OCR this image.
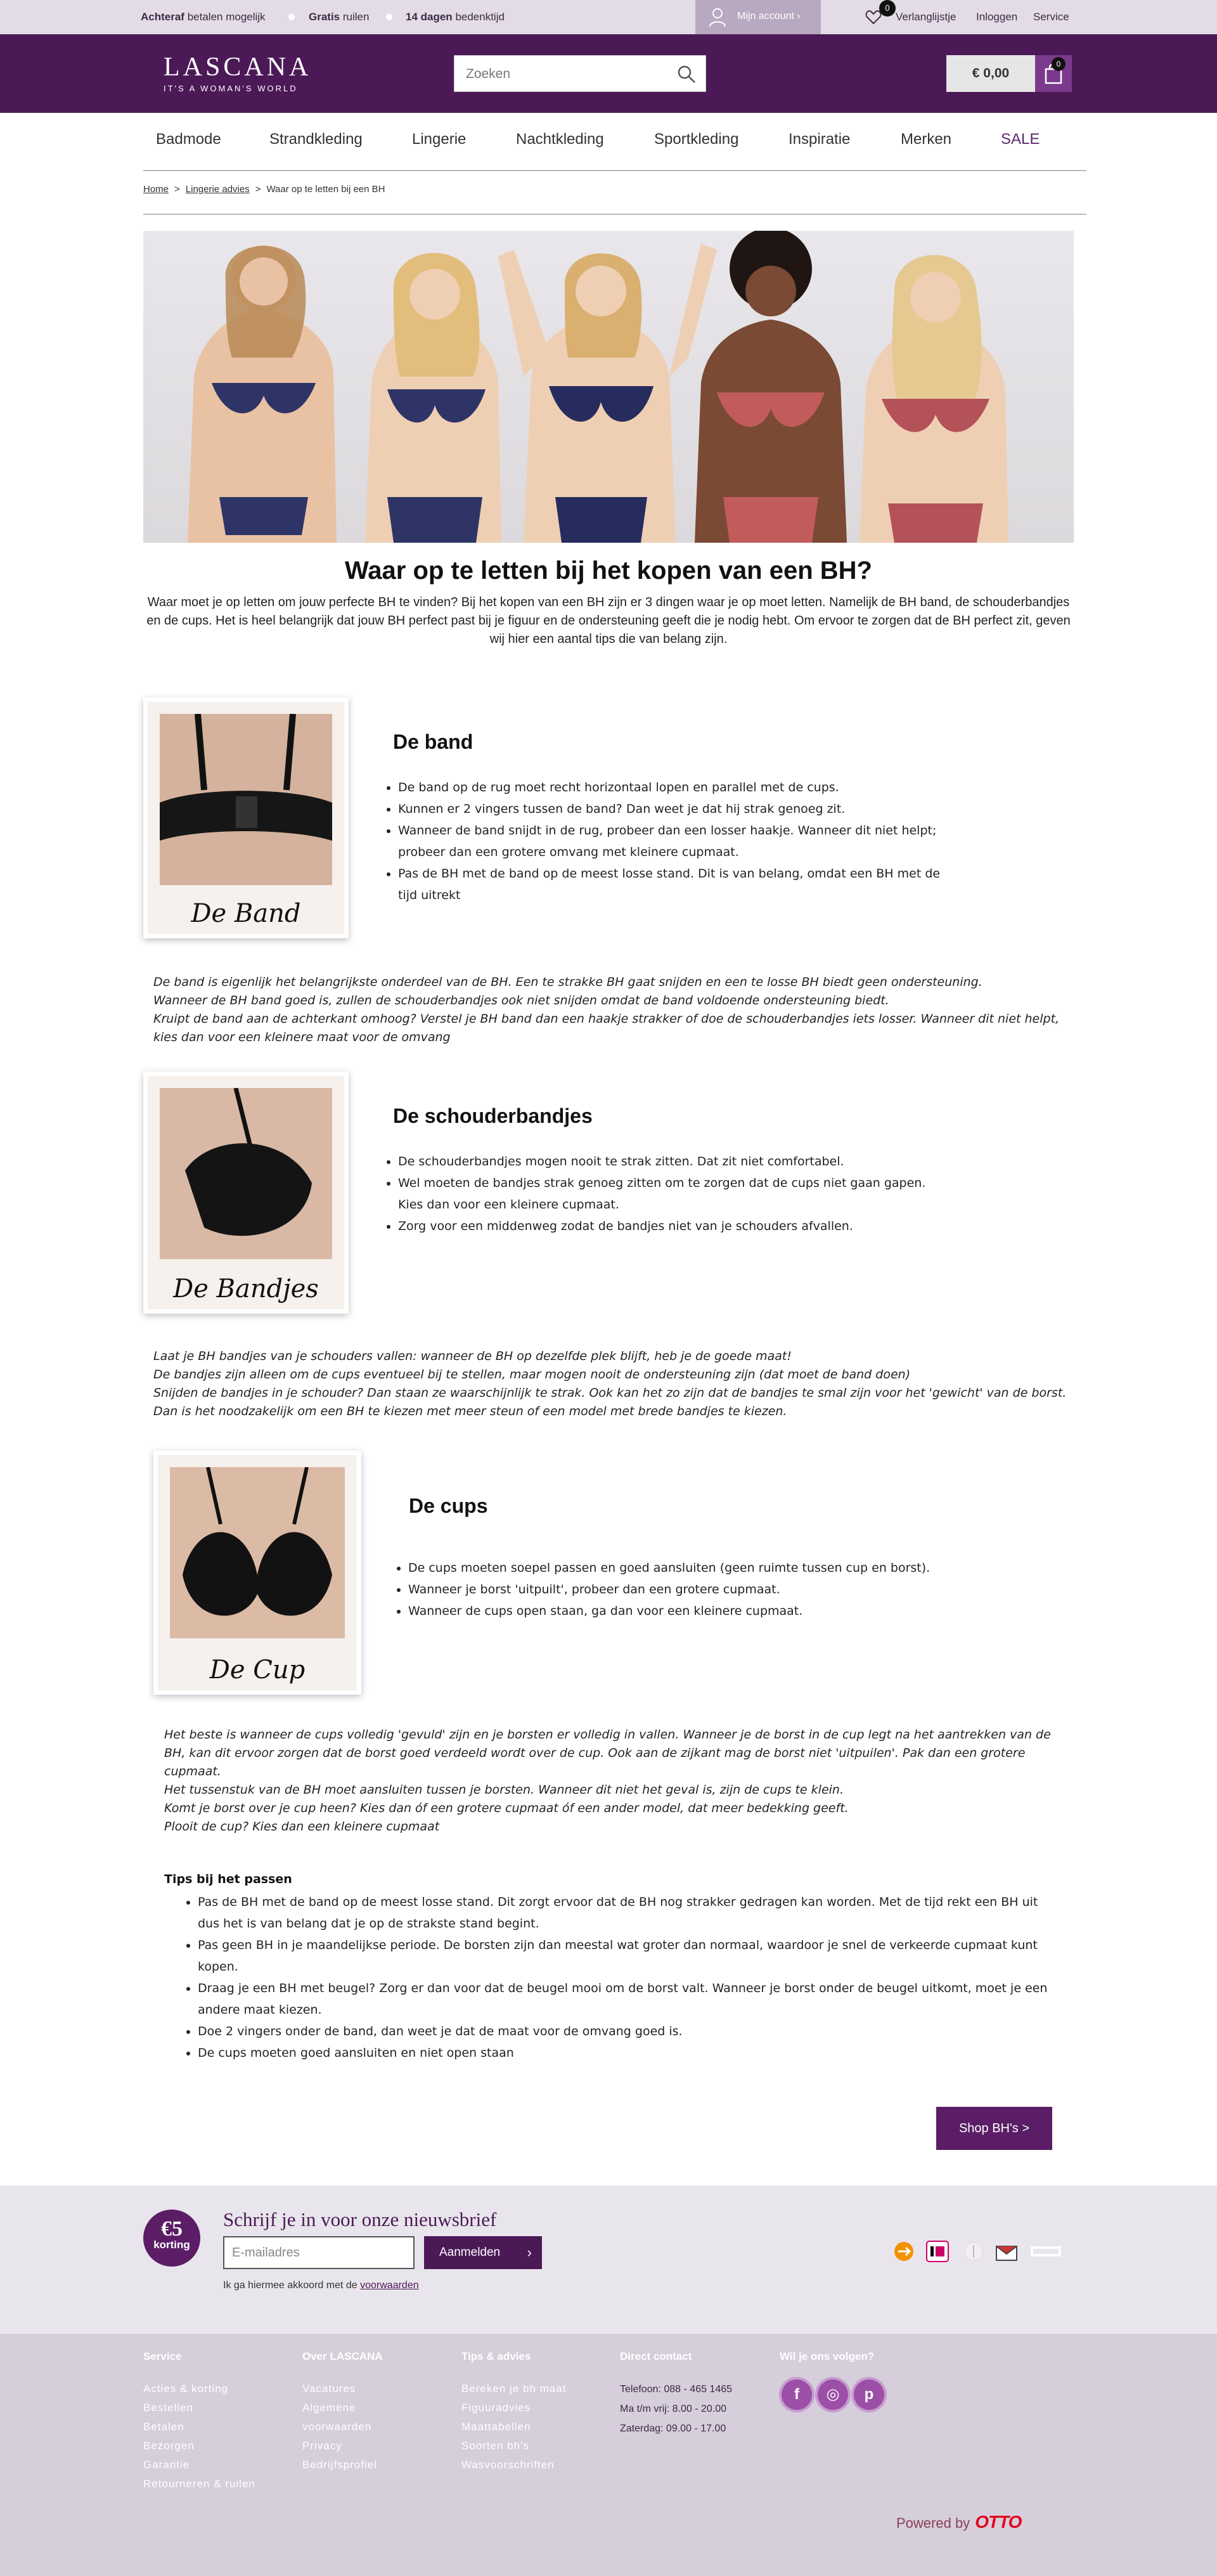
Achteraf betalen mogelijk	Gratis ruilen	14 dagen bedenktijd	Mijn account ›
0
Verlanglijstje Inloggen Service
LASCANA
IT'S A WOMAN'S WORLD
Zoeken
€ 0,00
0
Badmode	Strandkleding	Lingerie	Nachtkleding	Sportkleding	Inspiratie	Merken	SALE
Home > Lingerie advies > Waar op te letten bij een BH
Waar op te letten bij het kopen van een BH?

Waar moet je op letten om jouw perfecte BH te vinden? Bij het kopen van een BH zijn er 3 dingen waar je op moet letten. Namelijk de BH band, de schouderbandjes en de cups. Het is heel belangrijk dat jouw BH perfect past bij je figuur en de ondersteuning geeft die je nodig hebt. Om ervoor te zorgen dat de BH perfect zit, geven wij hier een aantal tips die van belang zijn.

De Band
De band
• De band op de rug moet recht horizontaal lopen en parallel met de cups.
• Kunnen er 2 vingers tussen de band? Dan weet je dat hij strak genoeg zit.
• Wanneer de band snijdt in de rug, probeer dan een losser haakje. Wanneer dit niet helpt; probeer dan een grotere omvang met kleinere cupmaat.
• Pas de BH met de band op de meest losse stand. Dit is van belang, omdat een BH met de tijd uitrekt
De band is eigenlijk het belangrijkste onderdeel van de BH. Een te strakke BH gaat snijden en een te losse BH biedt geen ondersteuning.
Wanneer de BH band goed is, zullen de schouderbandjes ook niet snijden omdat de band voldoende ondersteuning biedt.
Kruipt de band aan de achterkant omhoog? Verstel je BH band dan een haakje strakker of doe de schouderbandjes iets losser. Wanneer dit niet helpt, kies dan voor een kleinere maat voor de omvang
De Bandjes
De schouderbandjes
• De schouderbandjes mogen nooit te strak zitten. Dat zit niet comfortabel.
• Wel moeten de bandjes strak genoeg zitten om te zorgen dat de cups niet gaan gapen. Kies dan voor een kleinere cupmaat.
• Zorg voor een middenweg zodat de bandjes niet van je schouders afvallen.
Laat je BH bandjes van je schouders vallen: wanneer de BH op dezelfde plek blijft, heb je de goede maat!
De bandjes zijn alleen om de cups eventueel bij te stellen, maar mogen nooit de ondersteuning zijn (dat moet de band doen)
Snijden de bandjes in je schouder? Dan staan ze waarschijnlijk te strak. Ook kan het zo zijn dat de bandjes te smal zijn voor het 'gewicht' van de borst. Dan is het noodzakelijk om een BH te kiezen met meer steun of een model met brede bandjes te kiezen.
De Cup
De cups
• De cups moeten soepel passen en goed aansluiten (geen ruimte tussen cup en borst).
• Wanneer je borst 'uitpuilt', probeer dan een grotere cupmaat.
• Wanneer de cups open staan, ga dan voor een kleinere cupmaat.
Het beste is wanneer de cups volledig 'gevuld' zijn en je borsten er volledig in vallen. Wanneer je de borst in de cup legt na het aantrekken van de BH, kan dit ervoor zorgen dat de borst goed verdeeld wordt over de cup. Ook aan de zijkant mag de borst niet 'uitpuilen'. Pak dan een grotere cupmaat.
Het tussenstuk van de BH moet aansluiten tussen je borsten. Wanneer dit niet het geval is, zijn de cups te klein.
Komt je borst over je cup heen? Kies dan óf een grotere cupmaat óf een ander model, dat meer bedekking geeft.
Plooit de cup? Kies dan een kleinere cupmaat
Tips bij het passen
• Pas de BH met de band op de meest losse stand. Dit zorgt ervoor dat de BH nog strakker gedragen kan worden. Met de tijd rekt een BH uit dus het is van belang dat je op de strakste stand begint.
• Pas geen BH in je maandelijkse periode. De borsten zijn dan meestal wat groter dan normaal, waardoor je snel de verkeerde cupmaat kunt kopen.
• Draag je een BH met beugel? Zorg er dan voor dat de beugel mooi om de borst valt. Wanneer je borst onder de beugel uitkomt, moet je een andere maat kiezen.
• Doe 2 vingers onder de band, dan weet je dat de maat voor de omvang goed is.
• De cups moeten goed aansluiten en niet open staan
Shop BH's >
€5
korting
Schrijf je in voor onze nieuwsbrief
E-mailadres
Aanmelden ›
Ik ga hiermee akkoord met de voorwaarden
Service
Acties & korting
Bestellen
Betalen
Bezorgen
Garantie
Retourneren & ruilen
Over LASCANA
Vacatures
Algemene voorwaarden
Privacy
Bedrijfsprofiel
Tips & advies
Bereken je bh maat
Figuuradvies
Maattabellen
Soorten bh's
Wasvoorschriften
Direct contact
Telefoon: 088 - 465 1465
Ma t/m vrij: 8.00 - 20.00
Zaterdag: 09.00 - 17.00
Wil je ons volgen?
f	◎	p
Powered by OTTO
